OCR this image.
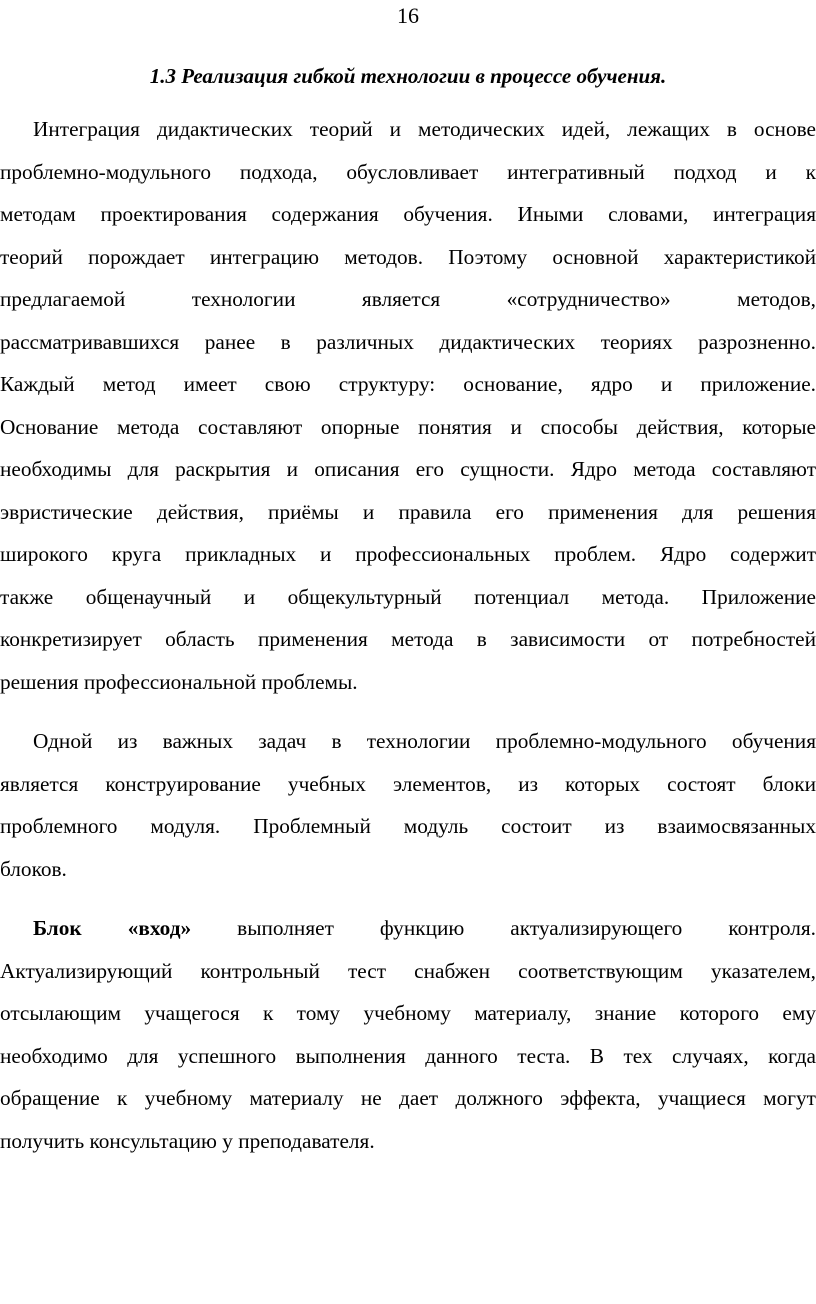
16
1.3 Реализация гибкой технологии в процессе обучения.
Интеграция дидактических теорий и методических идей, лежащих в основе
проблемно-модульного подхода, обусловливает интегративный подход и к
методам проектирования содержания обучения. Иными словами, интеграция
теорий порождает интеграцию методов. Поэтому основной характеристикой
предлагаемой технологии является «сотрудничество» методов,
рассматривавшихся ранее в различных дидактических теориях разрозненно.
Каждый метод имеет свою структуру: основание, ядро и приложение.
Основание метода составляют опорные понятия и способы действия, которые
необходимы для раскрытия и описания его сущности. Ядро метода составляют
эвристические действия, приёмы и правила его применения для решения
широкого круга прикладных и профессиональных проблем. Ядро содержит
также общенаучный и общекультурный потенциал метода. Приложение
конкретизирует область применения метода в зависимости от потребностей
решения профессиональной проблемы.
Одной из важных задач в технологии проблемно-модульного обучения
является конструирование учебных элементов, из которых состоят блоки
проблемного модуля. Проблемный модуль состоит из взаимосвязанных
блоков.
Блок «вход» выполняет функцию актуализирующего контроля.
Актуализирующий контрольный тест снабжен соответствующим указателем,
отсылающим учащегося к тому учебному материалу, знание которого ему
необходимо для успешного выполнения данного теста. В тех случаях, когда
обращение к учебному материалу не дает должного эффекта, учащиеся могут
получить консультацию у преподавателя.
